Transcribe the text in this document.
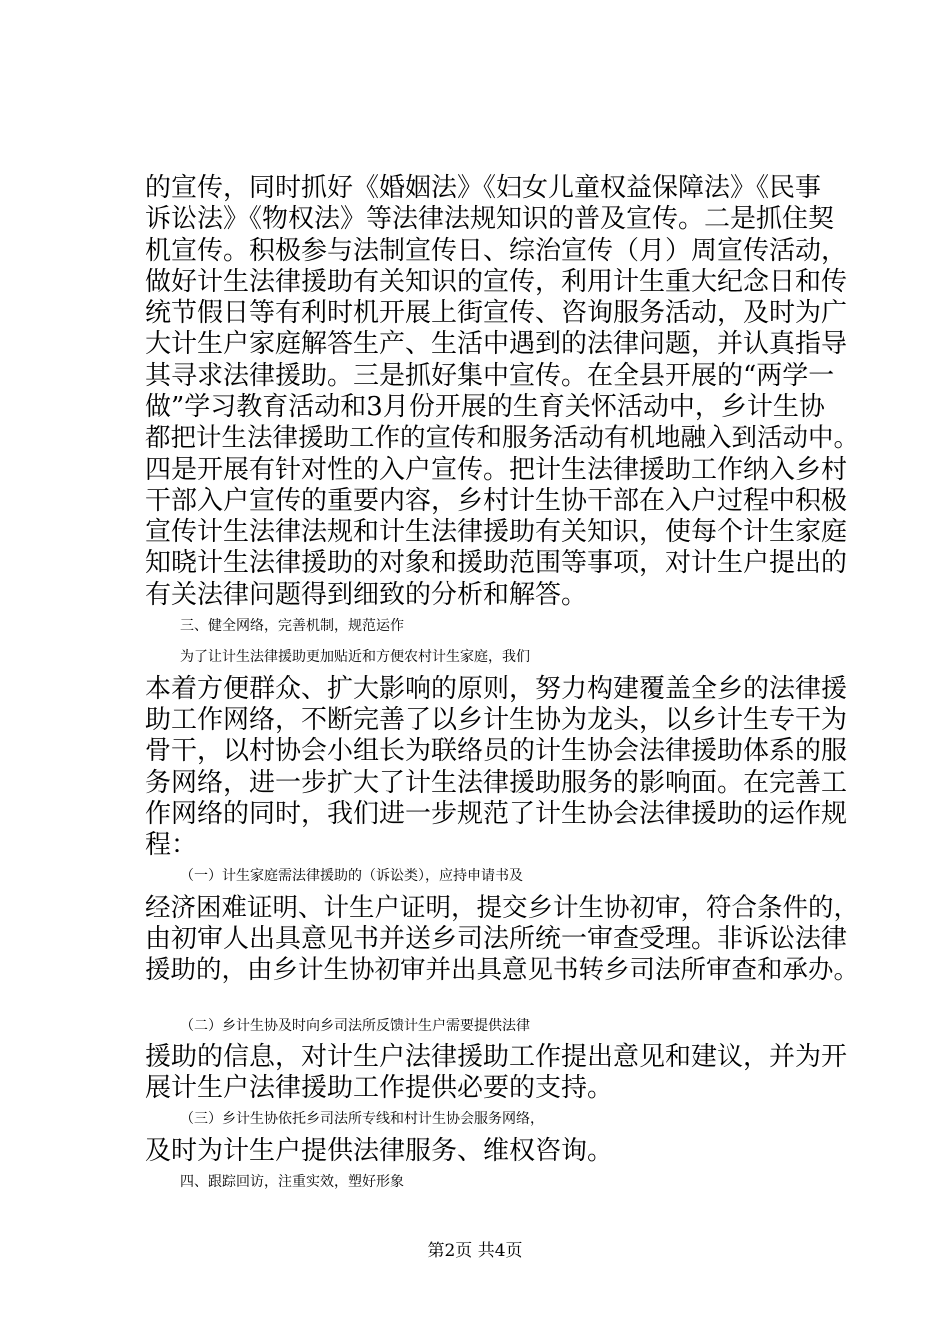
的宣传，同时抓好《婚姻法》《妇女儿童权益保障法》《民事
诉讼法》《物权法》等法律法规知识的普及宣传。二是抓住契
机宣传。积极参与法制宣传日、综治宣传（月）周宣传活动，
做好计生法律援助有关知识的宣传，利用计生重大纪念日和传
统节假日等有利时机开展上街宣传、咨询服务活动，及时为广
大计生户家庭解答生产、生活中遇到的法律问题，并认真指导
其寻求法律援助。三是抓好集中宣传。在全县开展的“两学一
做”学习教育活动和3月份开展的生育关怀活动中，乡计生协
都把计生法律援助工作的宣传和服务活动有机地融入到活动中。
四是开展有针对性的入户宣传。把计生法律援助工作纳入乡村
干部入户宣传的重要内容，乡村计生协干部在入户过程中积极
宣传计生法律法规和计生法律援助有关知识，使每个计生家庭
知晓计生法律援助的对象和援助范围等事项，对计生户提出的
有关法律问题得到细致的分析和解答。
三、健全网络，完善机制，规范运作
为了让计生法律援助更加贴近和方便农村计生家庭，我们
本着方便群众、扩大影响的原则，努力构建覆盖全乡的法律援
助工作网络，不断完善了以乡计生协为龙头，以乡计生专干为
骨干，以村协会小组长为联络员的计生协会法律援助体系的服
务网络，进一步扩大了计生法律援助服务的影响面。在完善工
作网络的同时，我们进一步规范了计生协会法律援助的运作规
程：
（一）计生家庭需法律援助的（诉讼类），应持申请书及
经济困难证明、计生户证明，提交乡计生协初审，符合条件的，
由初审人出具意见书并送乡司法所统一审查受理。非诉讼法律
援助的，由乡计生协初审并出具意见书转乡司法所审查和承办。
（二）乡计生协及时向乡司法所反馈计生户需要提供法律
援助的信息，对计生户法律援助工作提出意见和建议，并为开
展计生户法律援助工作提供必要的支持。
（三）乡计生协依托乡司法所专线和村计生协会服务网络，
及时为计生户提供法律服务、维权咨询。
四、跟踪回访，注重实效，塑好形象
第2页 共4页
